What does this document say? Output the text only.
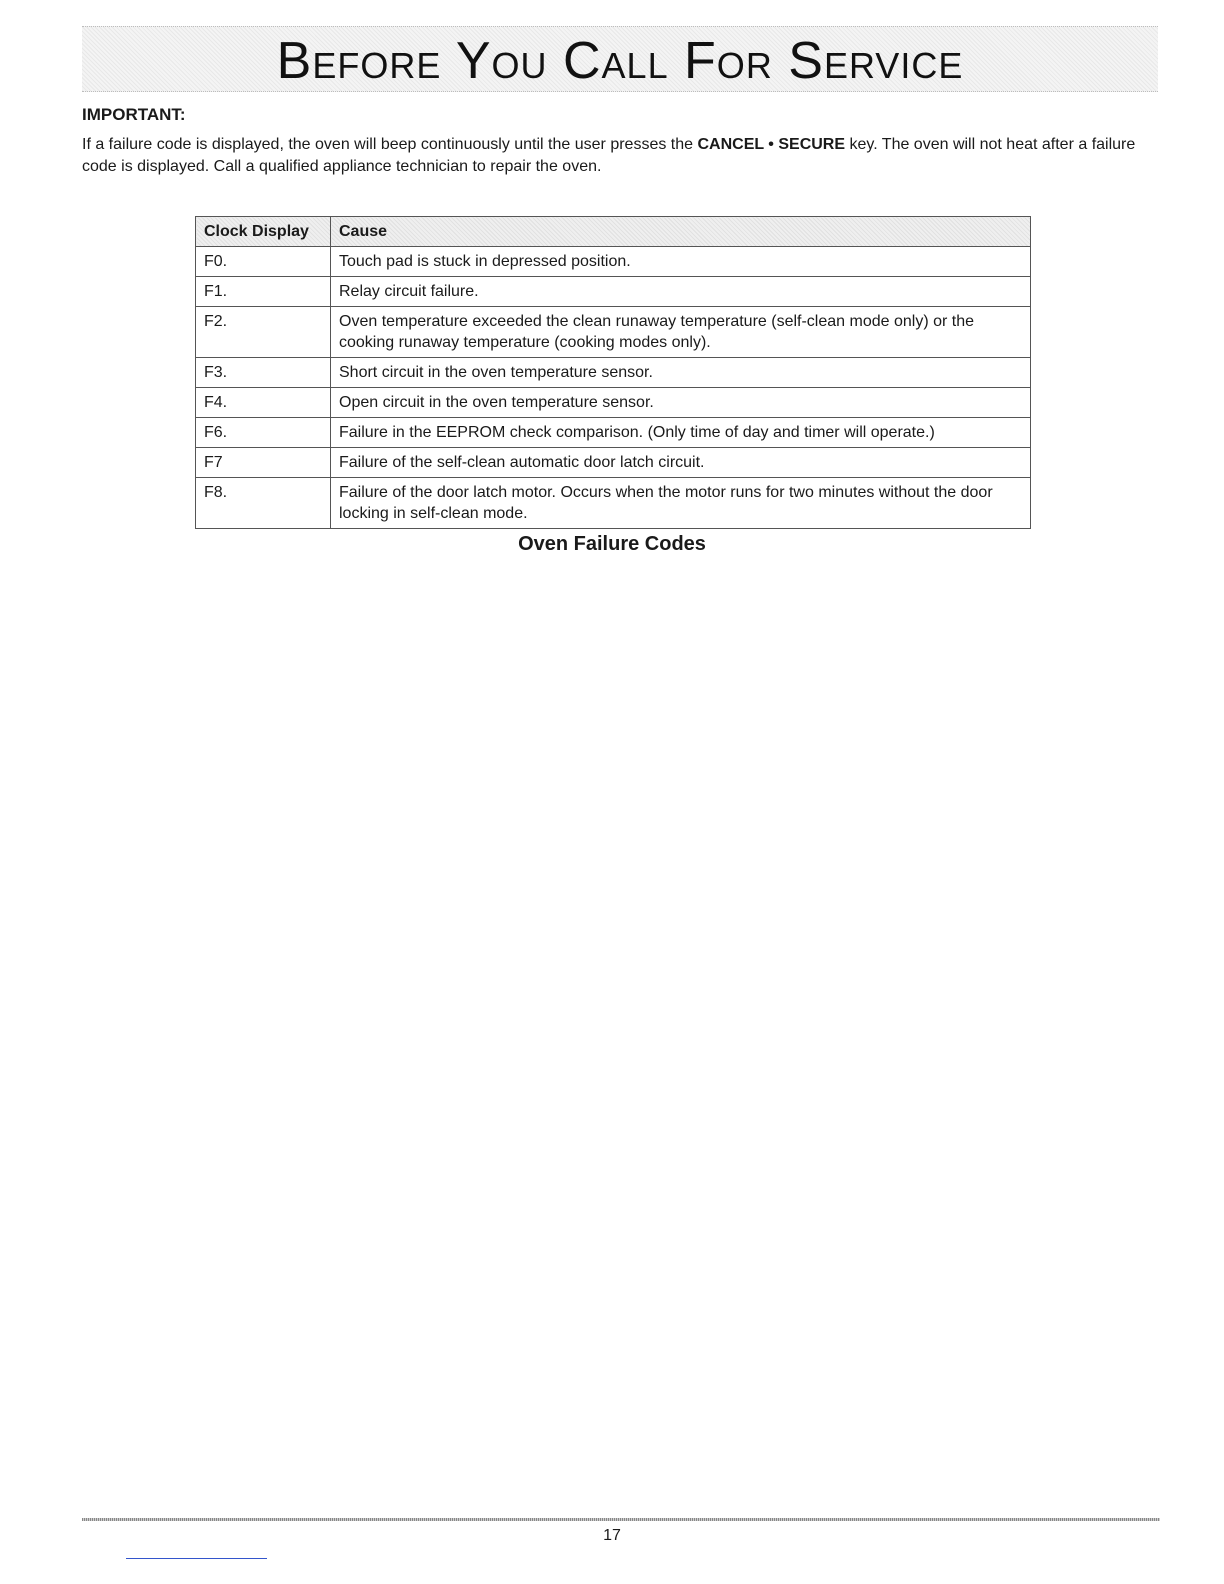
Before You Call For Service

IMPORTANT:

If a failure code is displayed, the oven will beep continuously until the user presses the CANCEL • SECURE key. The oven will not heat after a failure code is displayed. Call a qualified appliance technician to repair the oven.

Clock Display	Cause
F0.	Touch pad is stuck in depressed position.
F1.	Relay circuit failure.
F2.	Oven temperature exceeded the clean runaway temperature (self-clean mode only) or the cooking runaway temperature (cooking modes only).
F3.	Short circuit in the oven temperature sensor.
F4.	Open circuit in the oven temperature sensor.
F6.	Failure in the EEPROM check comparison. (Only time of day and timer will operate.)
F7	Failure of the self-clean automatic door latch circuit.
F8.	Failure of the door latch motor. Occurs when the motor runs for two minutes without the door locking in self-clean mode.

Oven Failure Codes

17
